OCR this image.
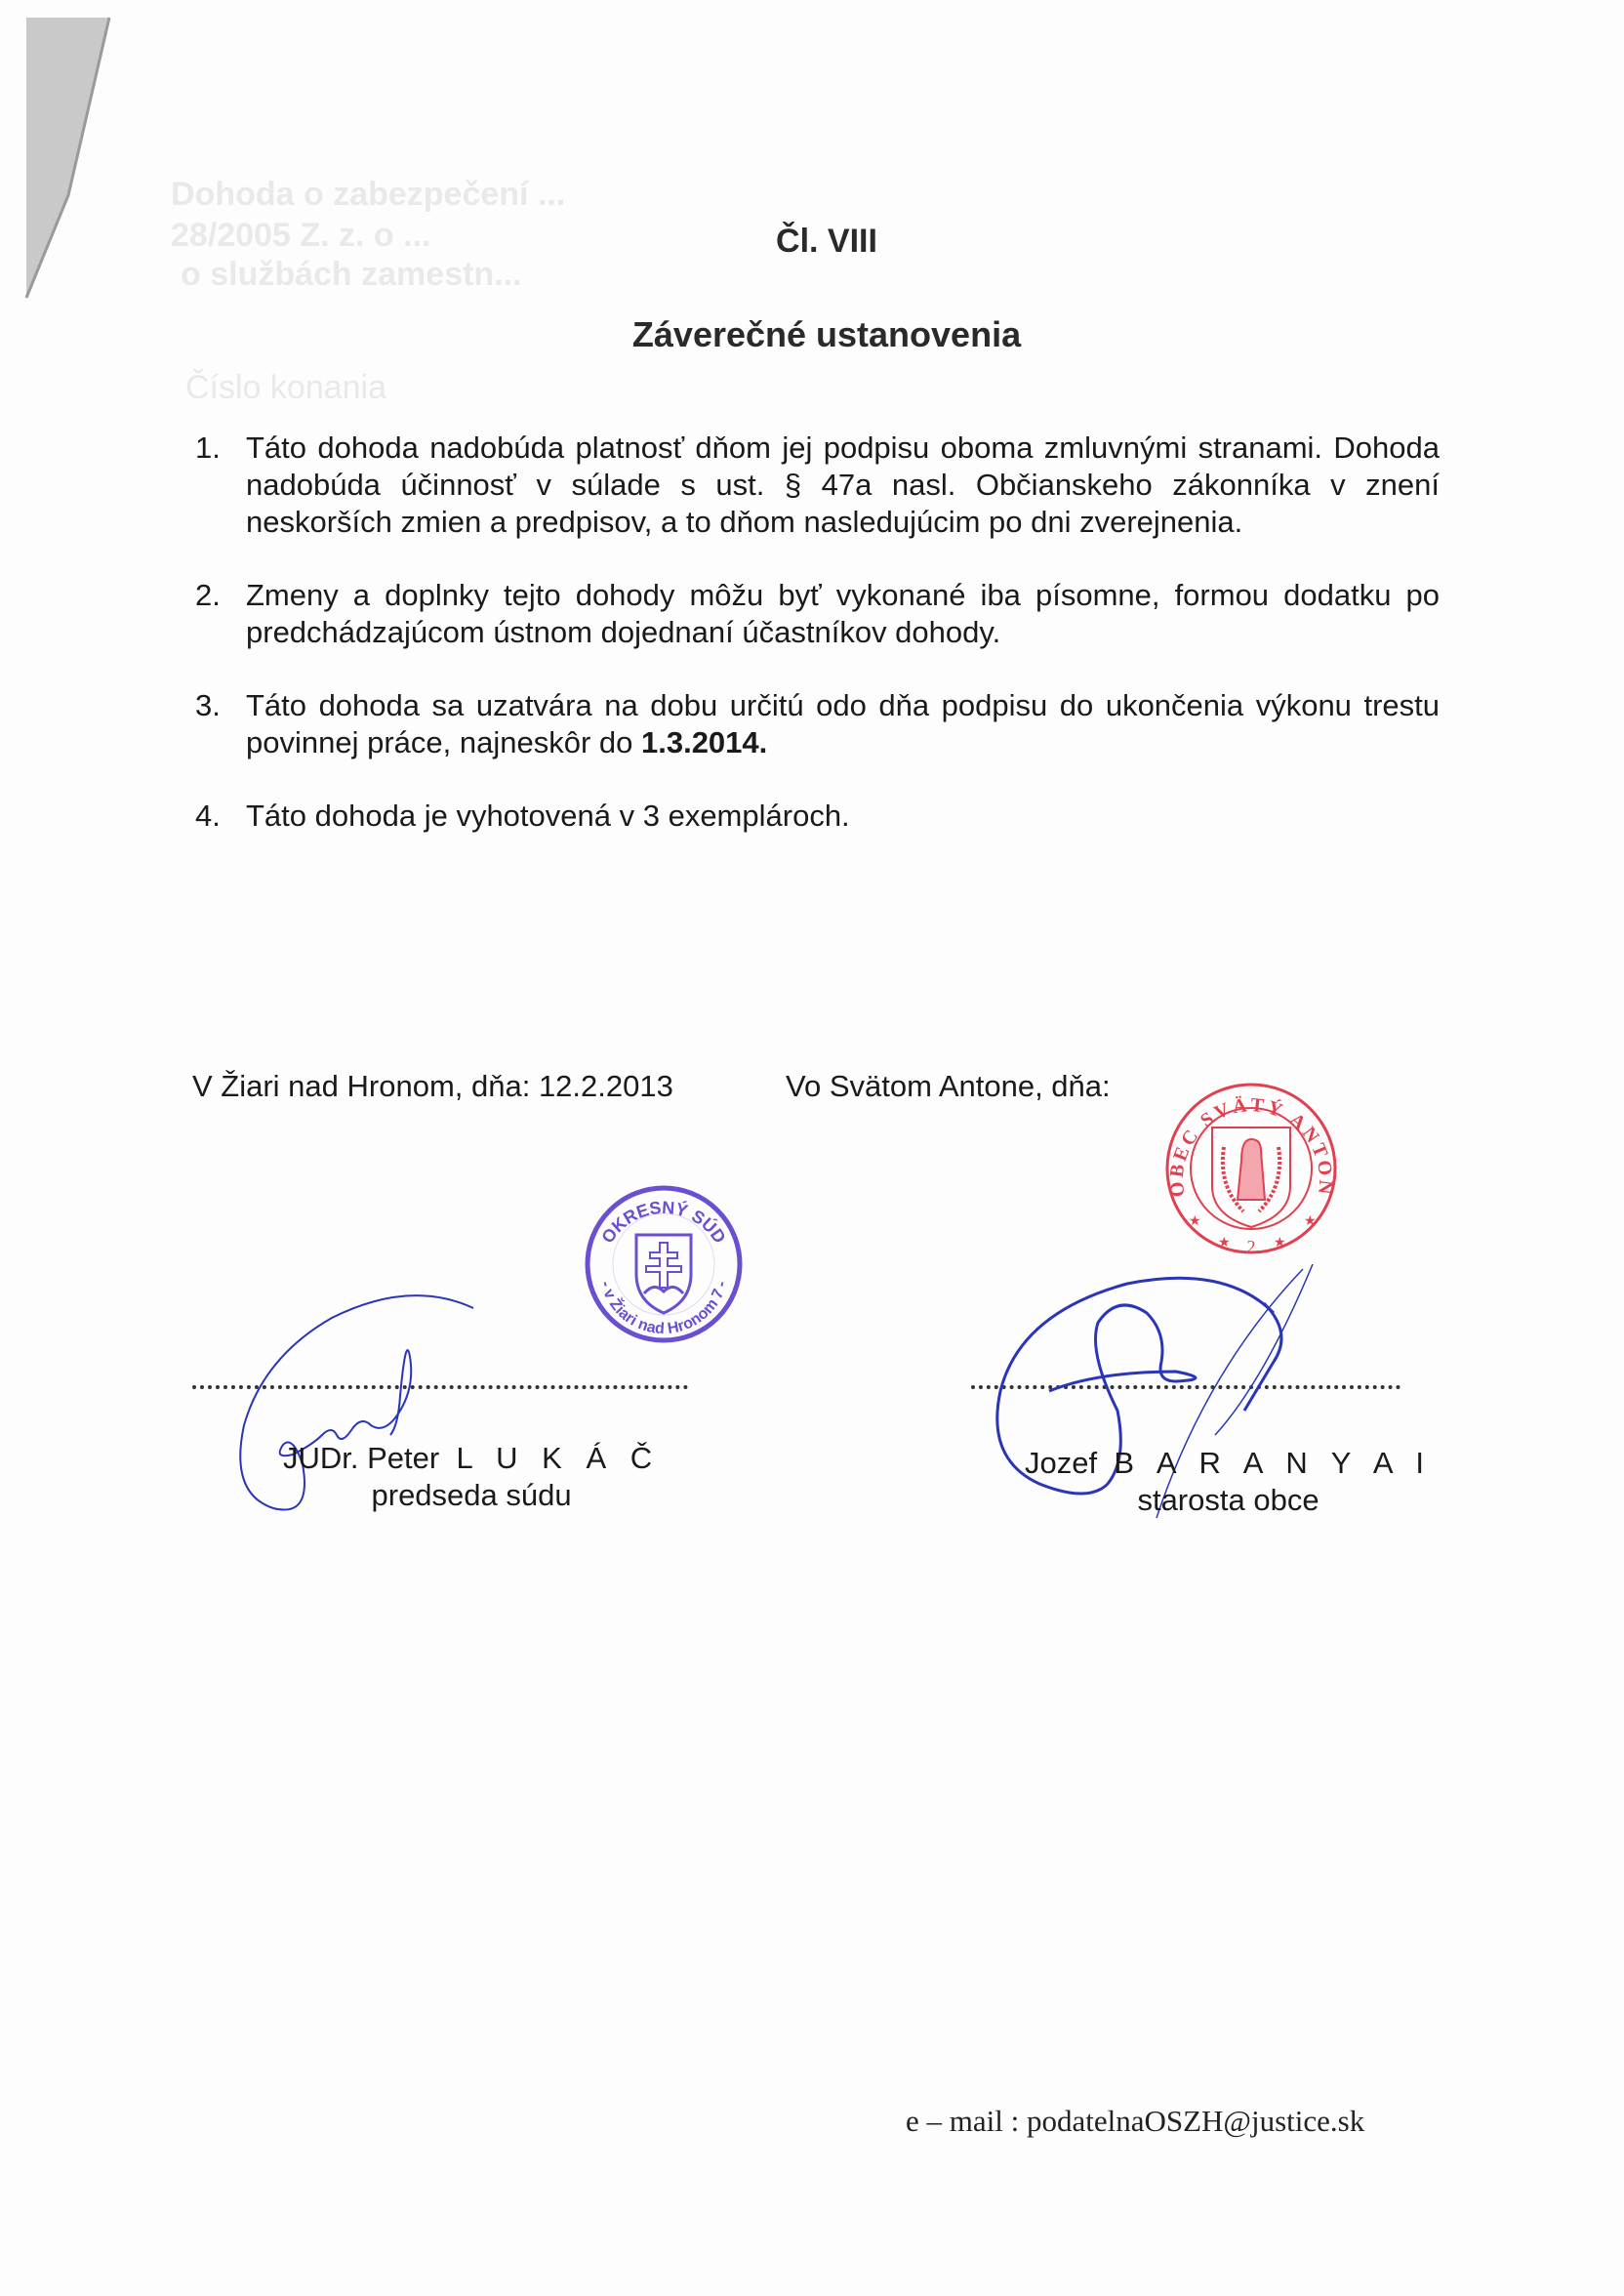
Dohoda o zabezpečení ...
28/2005 Z. z. o ...
o službách zamestn...
Číslo konania
Čl. VIII
Záverečné ustanovenia
1. Táto dohoda nadobúda platnosť dňom jej podpisu oboma zmluvnými stranami. Dohoda nadobúda účinnosť v súlade s ust. § 47a nasl. Občianskeho zákonníka v znení neskorších zmien a predpisov, a to dňom nasledujúcim po dni zverejnenia.
2. Zmeny a doplnky tejto dohody môžu byť vykonané iba písomne, formou dodatku po predchádzajúcom ústnom dojednaní účastníkov dohody.
3. Táto dohoda sa uzatvára na dobu určitú odo dňa podpisu do ukončenia výkonu trestu povinnej práce, najneskôr do 1.3.2014.
4. Táto dohoda je vyhotovená v 3 exemplároch.
V Žiari nad Hronom, dňa: 12.2.2013	Vo Svätom Antone, dňa:
OKRESNÝ SÚD
- v Žiari nad Hronom 7 -
OBEC SVÄTÝ ANTON
2
★	★
★	★
JUDr. Peter L U K Á Č
predseda súdu
Jozef B A R A N Y A I
starosta obce
e – mail : podatelnaOSZH@justice.sk
